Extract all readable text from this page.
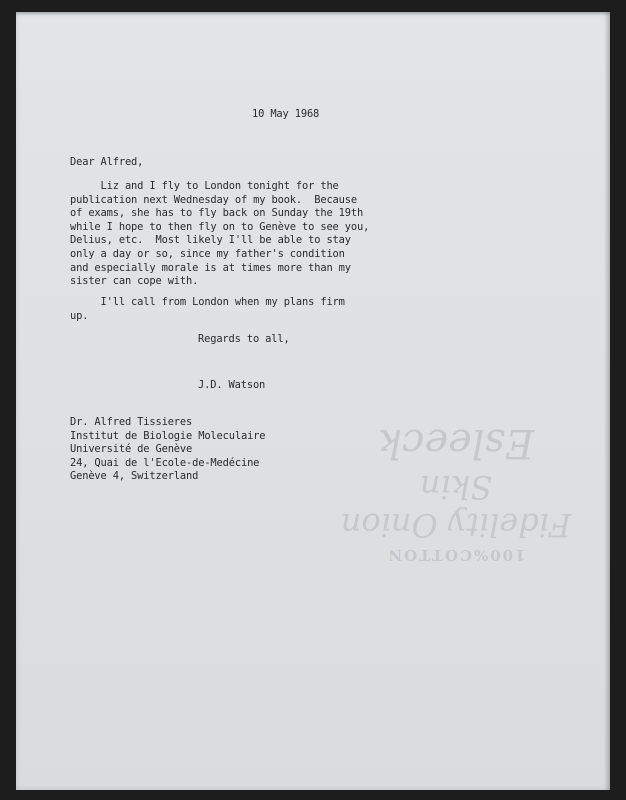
100%COTTON
Fidelity Onion Skin
Esleeck
10 May 1968
Dear Alfred,
Liz and I fly to London tonight for the
publication next Wednesday of my book.  Because
of exams, she has to fly back on Sunday the 19th
while I hope to then fly on to Genève to see you,
Delius, etc.  Most likely I'll be able to stay
only a day or so, since my father's condition
and especially morale is at times more than my
sister can cope with.
I'll call from London when my plans firm
up.
Regards to all,
J.D. Watson
Dr. Alfred Tissieres
Institut de Biologie Moleculaire
Université de Genève
24, Quai de l'Ecole-de-Medécine
Genève 4, Switzerland
